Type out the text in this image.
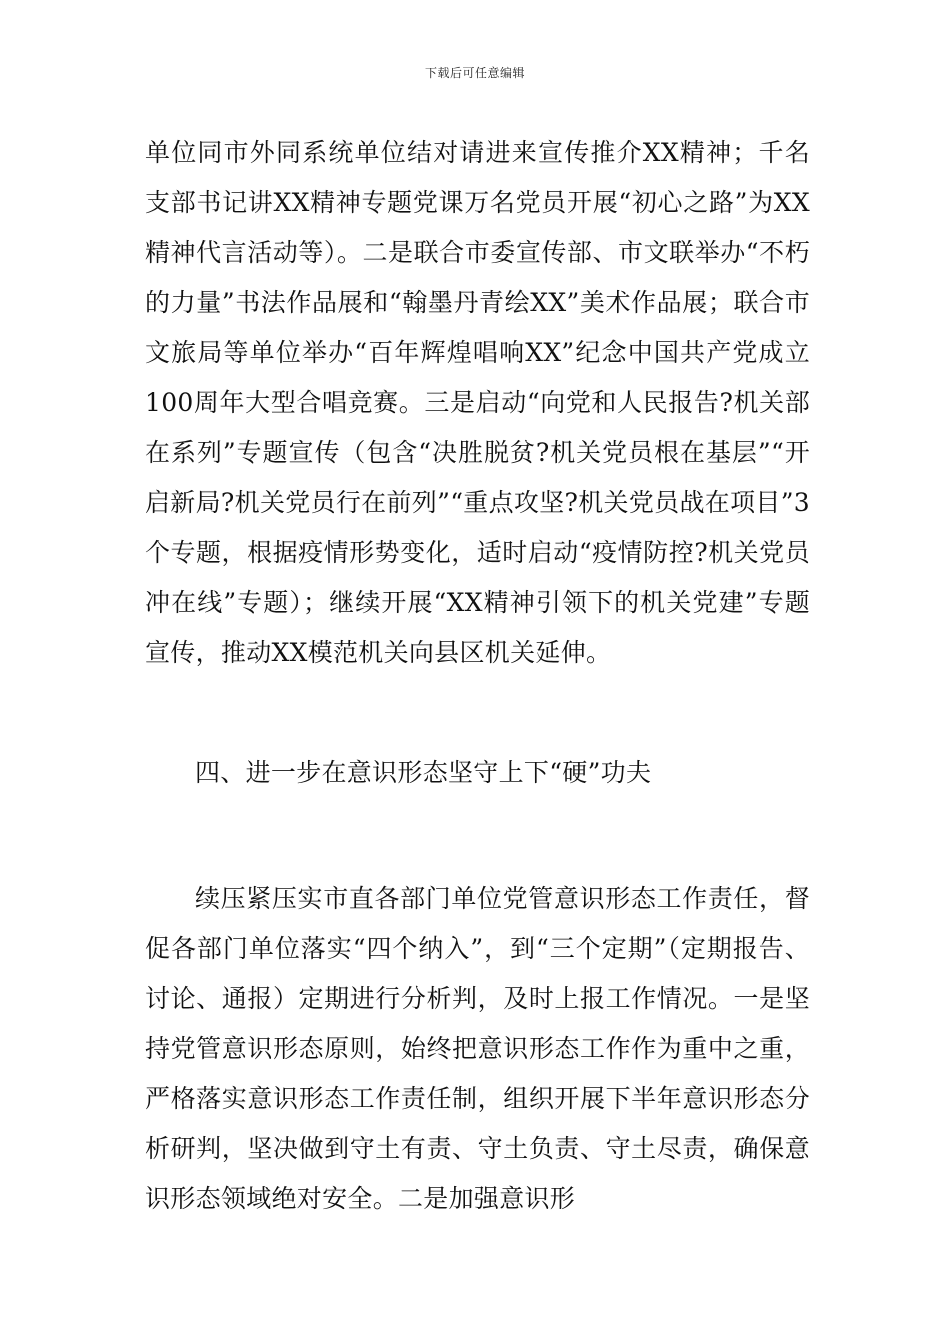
下载后可任意编辑

单位同市外同系统单位结对请进来宣传推介XX精神；千名支部书记讲XX精神专题党课万名党员开展“初心之路”为XX精神代言活动等）。二是联合市委宣传部、市文联举办“不朽的力量”书法作品展和“翰墨丹青绘XX”美术作品展；联合市文旅局等单位举办“百年辉煌唱响XX”纪念中国共产党成立100周年大型合唱竞赛。三是启动“向党和人民报告?机关部在系列”专题宣传（包含“决胜脱贫?机关党员根在基层”“开启新局?机关党员行在前列”“重点攻坚?机关党员战在项目”3个专题，根据疫情形势变化，适时启动“疫情防控?机关党员冲在线”专题）；继续开展“XX精神引领下的机关党建”专题宣传，推动XX模范机关向县区机关延伸。

四、进一步在意识形态坚守上下“硬”功夫

续压紧压实市直各部门单位党管意识形态工作责任，督促各部门单位落实“四个纳入”，到“三个定期”（定期报告、讨论、通报）定期进行分析判，及时上报工作情况。一是坚持党管意识形态原则，始终把意识形态工作作为重中之重，严格落实意识形态工作责任制，组织开展下半年意识形态分析研判，坚决做到守土有责、守土负责、守土尽责，确保意识形态领域绝对安全。二是加强意识形
